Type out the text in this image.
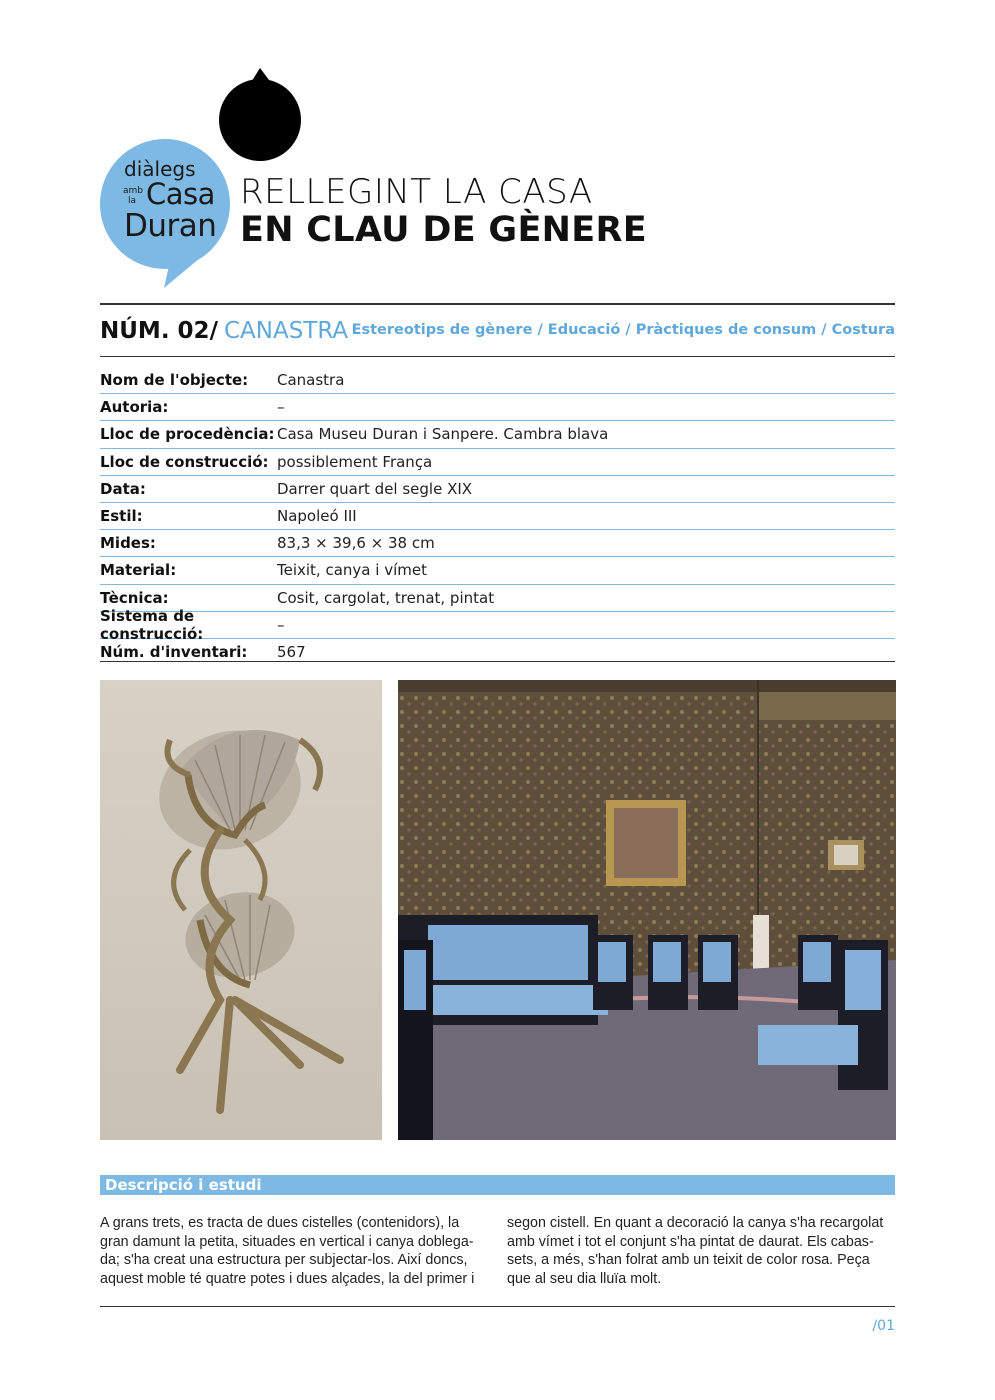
diàlegs
amb
la Casa
Duran
RELLEGINT LA CASA
EN CLAU DE GÈNERE
NÚM. 02/ CANASTRA Estereotips de gènere / Educació / Pràctiques de consum / Costura
Nom de l'objecte:	Canastra
Autoria:	–
Lloc de procedència: Casa Museu Duran i Sanpere. Cambra blava
Lloc de construcció: possiblement França
Data:	Darrer quart del segle XIX
Estil:	Napoleó III
Mides:	83,3 × 39,6 × 38 cm
Material:	Teixit, canya i vímet
Tècnica:	Cosit, cargolat, trenat, pintat
Sistema de construcció:	–
Núm. d'inventari:	567
Descripció i estudi
A grans trets, es tracta de dues cistelles (contenidors), la gran damunt la petita, situades en vertical i canya doblega-da; s'ha creat una estructura per subjectar-los. Així doncs, aquest moble té quatre potes i dues alçades, la del primer i
segon cistell. En quant a decoració la canya s'ha recargolat amb vímet i tot el conjunt s'ha pintat de daurat. Els cabas-sets, a més, s'han folrat amb un teixit de color rosa. Peça que al seu dia lluïa molt.
/01
